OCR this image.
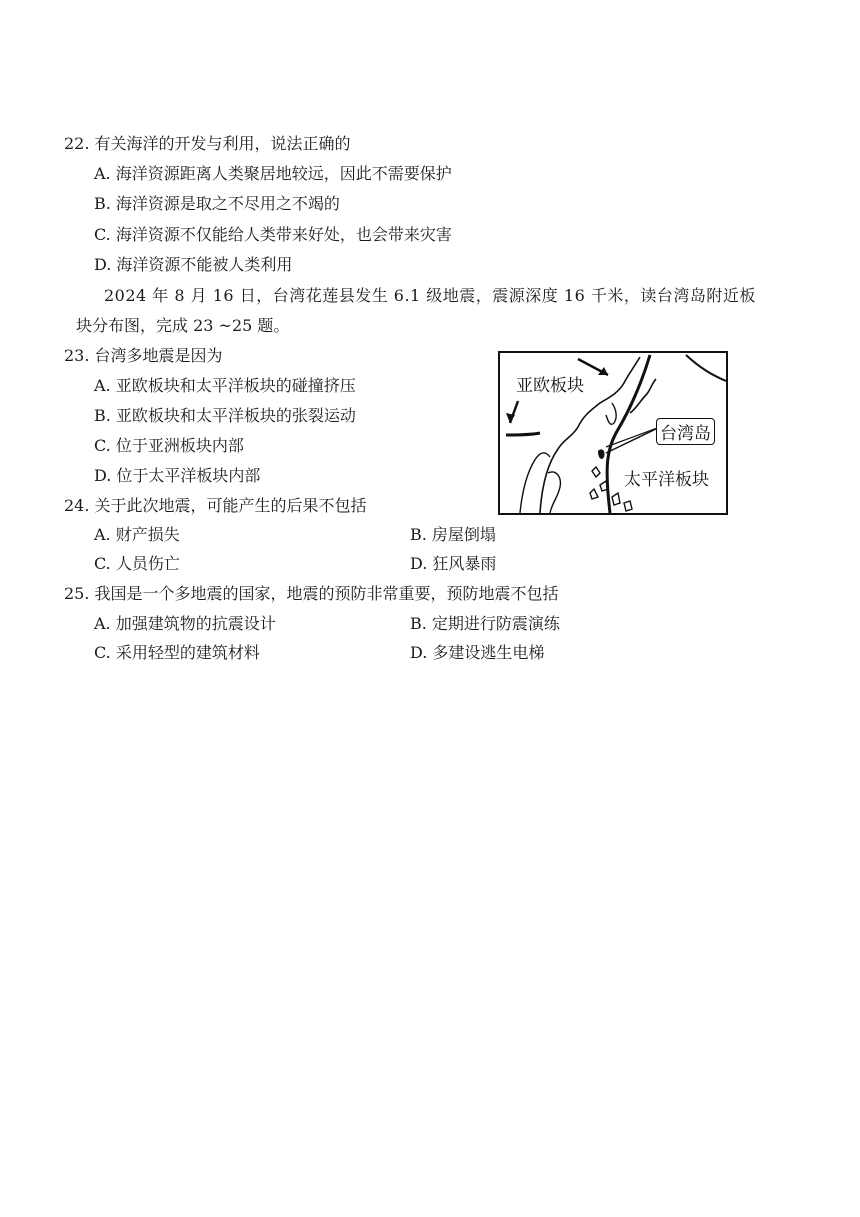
22. 有关海洋的开发与利用，说法正确的
A. 海洋资源距离人类聚居地较远，因此不需要保护
B. 海洋资源是取之不尽用之不竭的
C. 海洋资源不仅能给人类带来好处，也会带来灾害
D. 海洋资源不能被人类利用
2024 年 8 月 16 日，台湾花莲县发生 6.1 级地震，震源深度 16 千米，读台湾岛附近板
块分布图，完成 23 ~25 题。
23. 台湾多地震是因为
A. 亚欧板块和太平洋板块的碰撞挤压
B. 亚欧板块和太平洋板块的张裂运动
C. 位于亚洲板块内部
D. 位于太平洋板块内部
亚欧板块
台湾岛
太平洋板块
24. 关于此次地震，可能产生的后果不包括
A. 财产损失	B. 房屋倒塌
C. 人员伤亡	D. 狂风暴雨
25. 我国是一个多地震的国家，地震的预防非常重要，预防地震不包括
A. 加强建筑物的抗震设计	B. 定期进行防震演练
C. 采用轻型的建筑材料	D. 多建设逃生电梯
